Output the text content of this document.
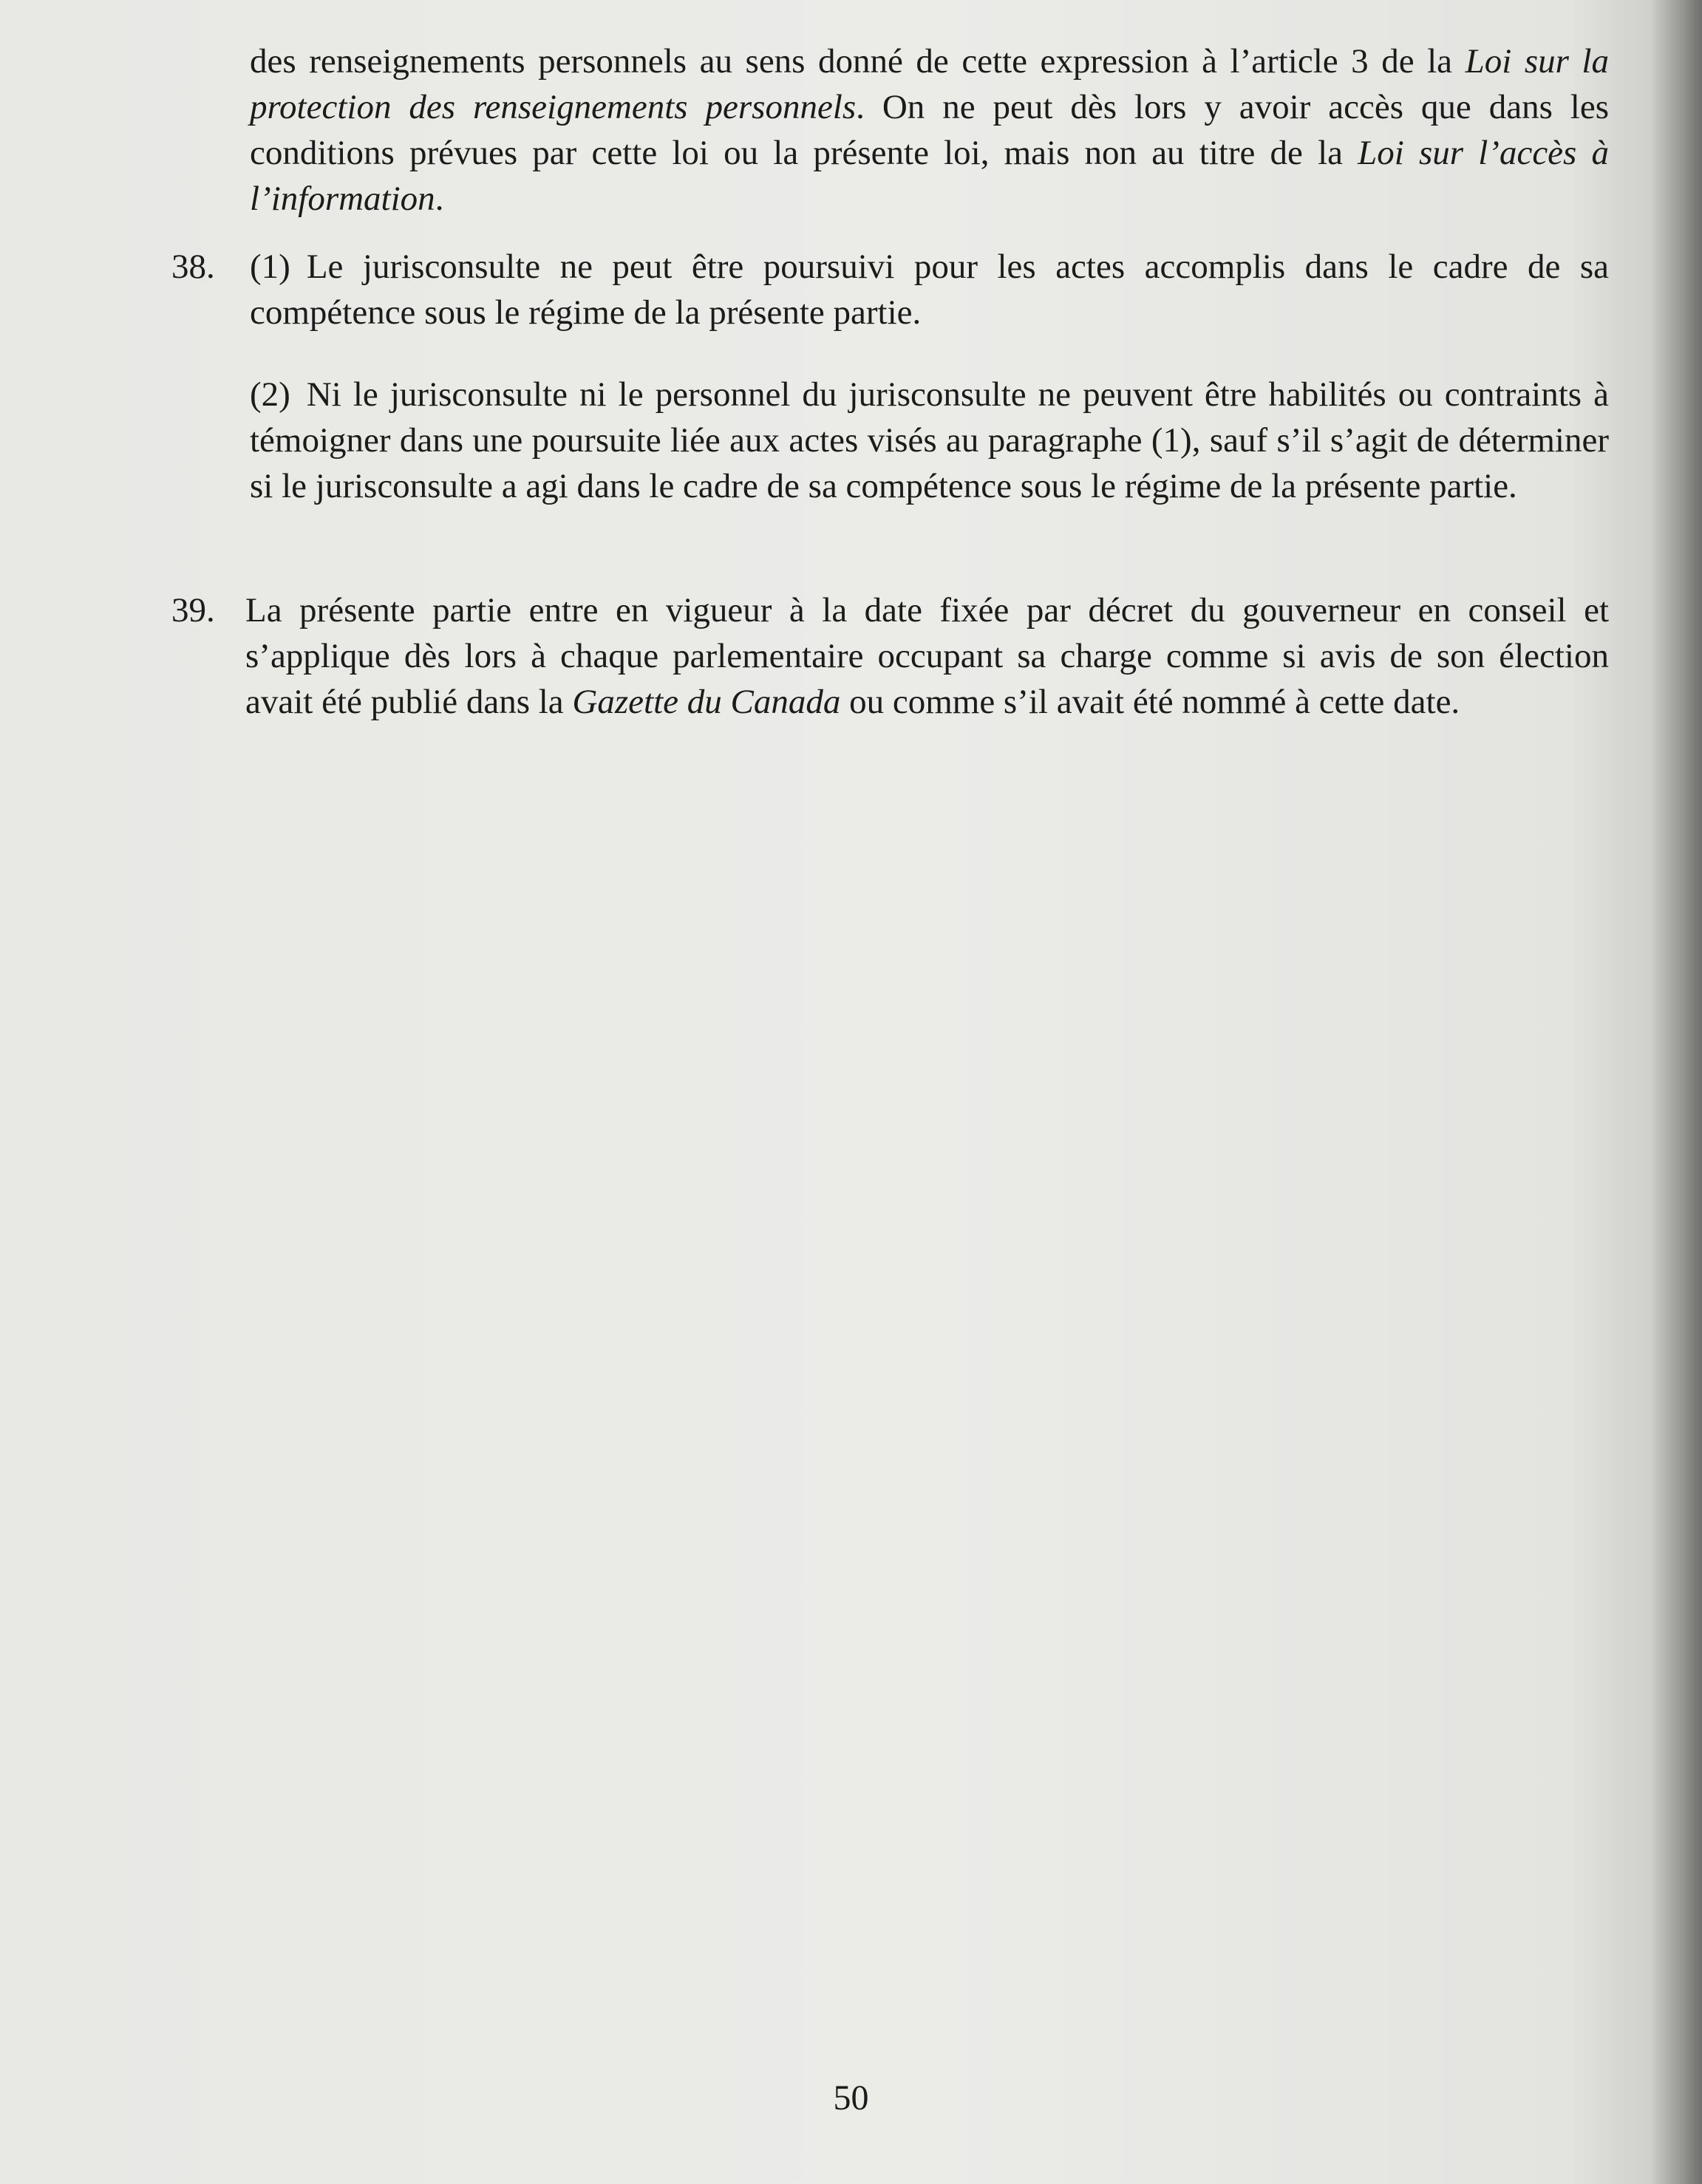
des renseignements personnels au sens donné de cette expression à l’article 3 de la Loi sur la protection des renseignements personnels. On ne peut dès lors y avoir accès que dans les conditions prévues par cette loi ou la présente loi, mais non au titre de la Loi sur l’accès à l’information.

38. (1) Le jurisconsulte ne peut être poursuivi pour les actes accomplis dans le cadre de sa compétence sous le régime de la présente partie.
(2) Ni le jurisconsulte ni le personnel du jurisconsulte ne peuvent être habilités ou contraints à témoigner dans une poursuite liée aux actes visés au paragraphe (1), sauf s’il s’agit de déterminer si le jurisconsulte a agi dans le cadre de sa compétence sous le régime de la présente partie.
39. La présente partie entre en vigueur à la date fixée par décret du gouverneur en conseil et s’applique dès lors à chaque parlementaire occupant sa charge comme si avis de son élection avait été publié dans la Gazette du Canada ou comme s’il avait été nommé à cette date.
50
